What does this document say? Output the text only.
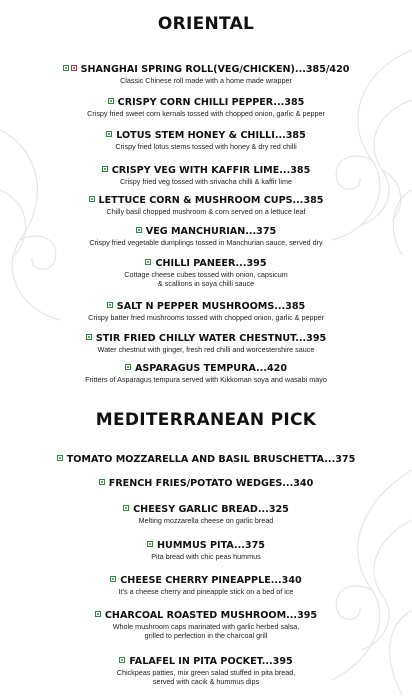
ORIENTAL
SHANGHAI SPRING ROLL(VEG/CHICKEN)...385/420
Classic Chinese roll made with a home made wrapper
CRISPY CORN CHILLI PEPPER...385
Crispy fried sweet corn kernals tossed with chopped onion, garlic & pepper
LOTUS STEM HONEY & CHILLI...385
Crispy fried lotus stems tossed with honey & dry red chilli
CRISPY VEG WITH KAFFIR LIME...385
Crispy fried veg tossed with srivacha chilli & kaffir lime
LETTUCE CORN & MUSHROOM CUPS...385
Chilly basil chopped mushroom & corn served on a lettuce leaf
VEG MANCHURIAN...375
Crispy fried vegetable dumplings tossed in Manchurian sauce, served dry
CHILLI PANEER...395
Cottage cheese cubes tossed with onion, capsicum
& scallions in soya chilli sauce
SALT N PEPPER MUSHROOMS...385
Crispy batter fried mushrooms tossed with chopped onion, garlic & pepper
STIR FRIED CHILLY WATER CHESTNUT...395
Water chestnut with ginger, fresh red chilli and worcestershire sauce
ASPARAGUS TEMPURA...420
Fritters of Asparagus tempura served with Kikkoman soya and wasabi mayo
MEDITERRANEAN PICK
TOMATO MOZZARELLA AND BASIL BRUSCHETTA...375
FRENCH FRIES/POTATO WEDGES...340
CHEESY GARLIC BREAD...325
Melting mozzarella cheese on garlic bread
HUMMUS PITA...375
Pita bread with chic peas hummus
CHEESE CHERRY PINEAPPLE...340
It's a cheese cherry and pineapple stick on a bed of ice
CHARCOAL ROASTED MUSHROOM...395
Whole mushroom caps marinated with garlic herbed salsa,
grilled to perfection in the charcoal grill
FALAFEL IN PITA POCKET...395
Chickpeas patties, mix green salad stuffed in pita bread,
served with cacik & hummus dips
